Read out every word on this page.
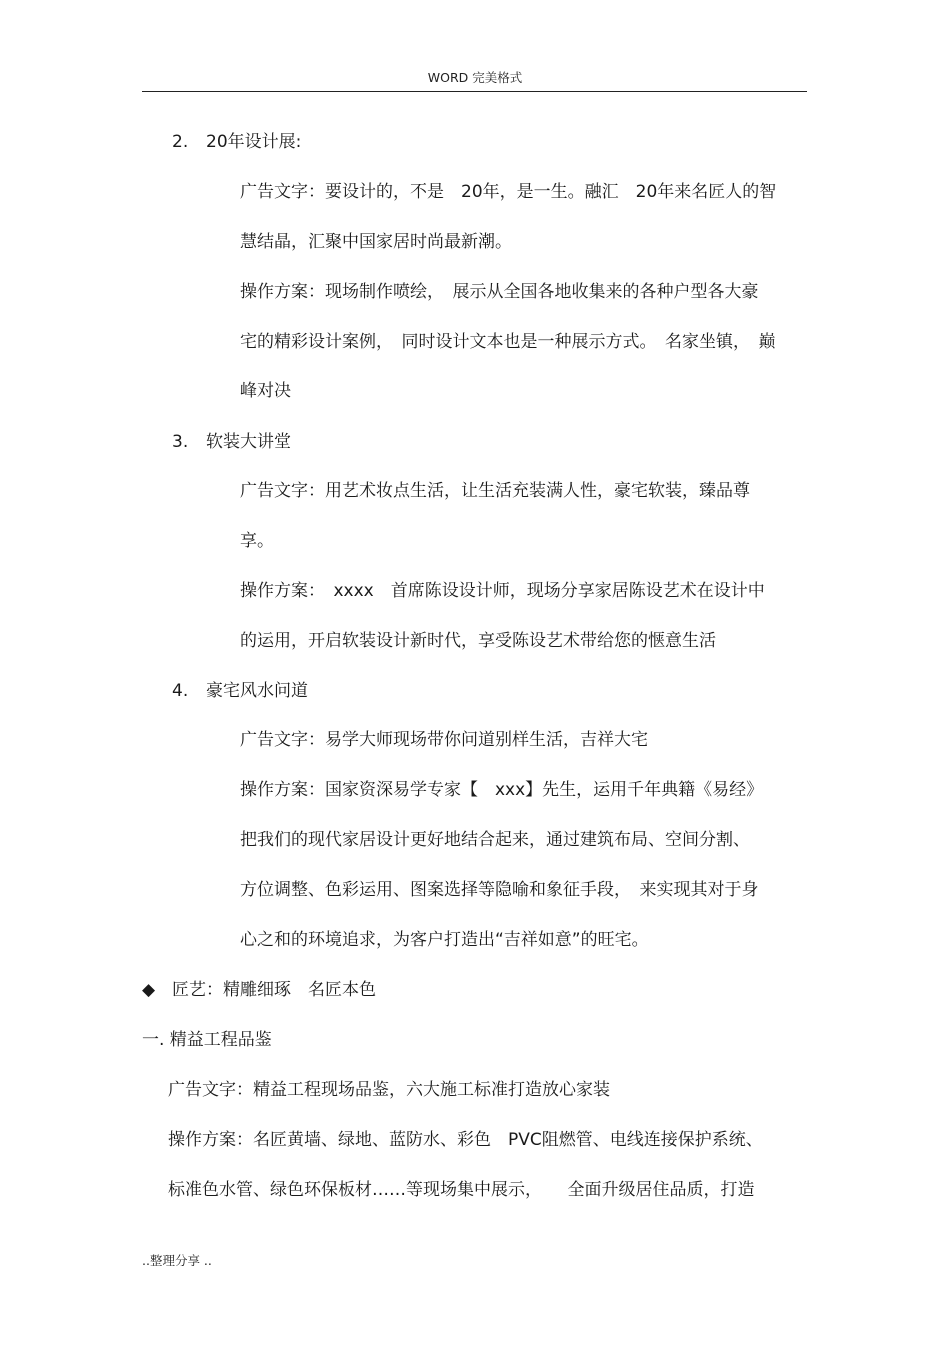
WORD 完美格式
2. 20年设计展:
广告文字：要设计的，不是　20年，是一生。融汇　20年来名匠人的智
慧结晶，汇聚中国家居时尚最新潮。
操作方案：现场制作喷绘，　展示从全国各地收集来的各种户型各大豪
宅的精彩设计案例，　同时设计文本也是一种展示方式。　名家坐镇，　巅
峰对决
3. 软装大讲堂
广告文字：用艺术妆点生活，让生活充装满人性，豪宅软装，臻品尊
享。
操作方案：　xxxx　首席陈设设计师，现场分享家居陈设艺术在设计中
的运用，开启软装设计新时代，享受陈设艺术带给您的惬意生活
4. 豪宅风水问道
广告文字：易学大师现场带你问道别样生活，吉祥大宅
操作方案：国家资深易学专家【　xxx】先生，运用千年典籍《易经》
把我们的现代家居设计更好地结合起来，通过建筑布局、空间分割、
方位调整、色彩运用、图案选择等隐喻和象征手段，　来实现其对于身
心之和的环境追求，为客户打造出“吉祥如意”的旺宅。
◆ 匠艺：精雕细琢　名匠本色
一. 精益工程品鉴
广告文字：精益工程现场品鉴，六大施工标准打造放心家装
操作方案：名匠黄墙、绿地、蓝防水、彩色　PVC阻燃管、电线连接保护系统、
标准色水管、绿色环保板材……等现场集中展示，　　全面升级居住品质，打造
..整理分享 ..
